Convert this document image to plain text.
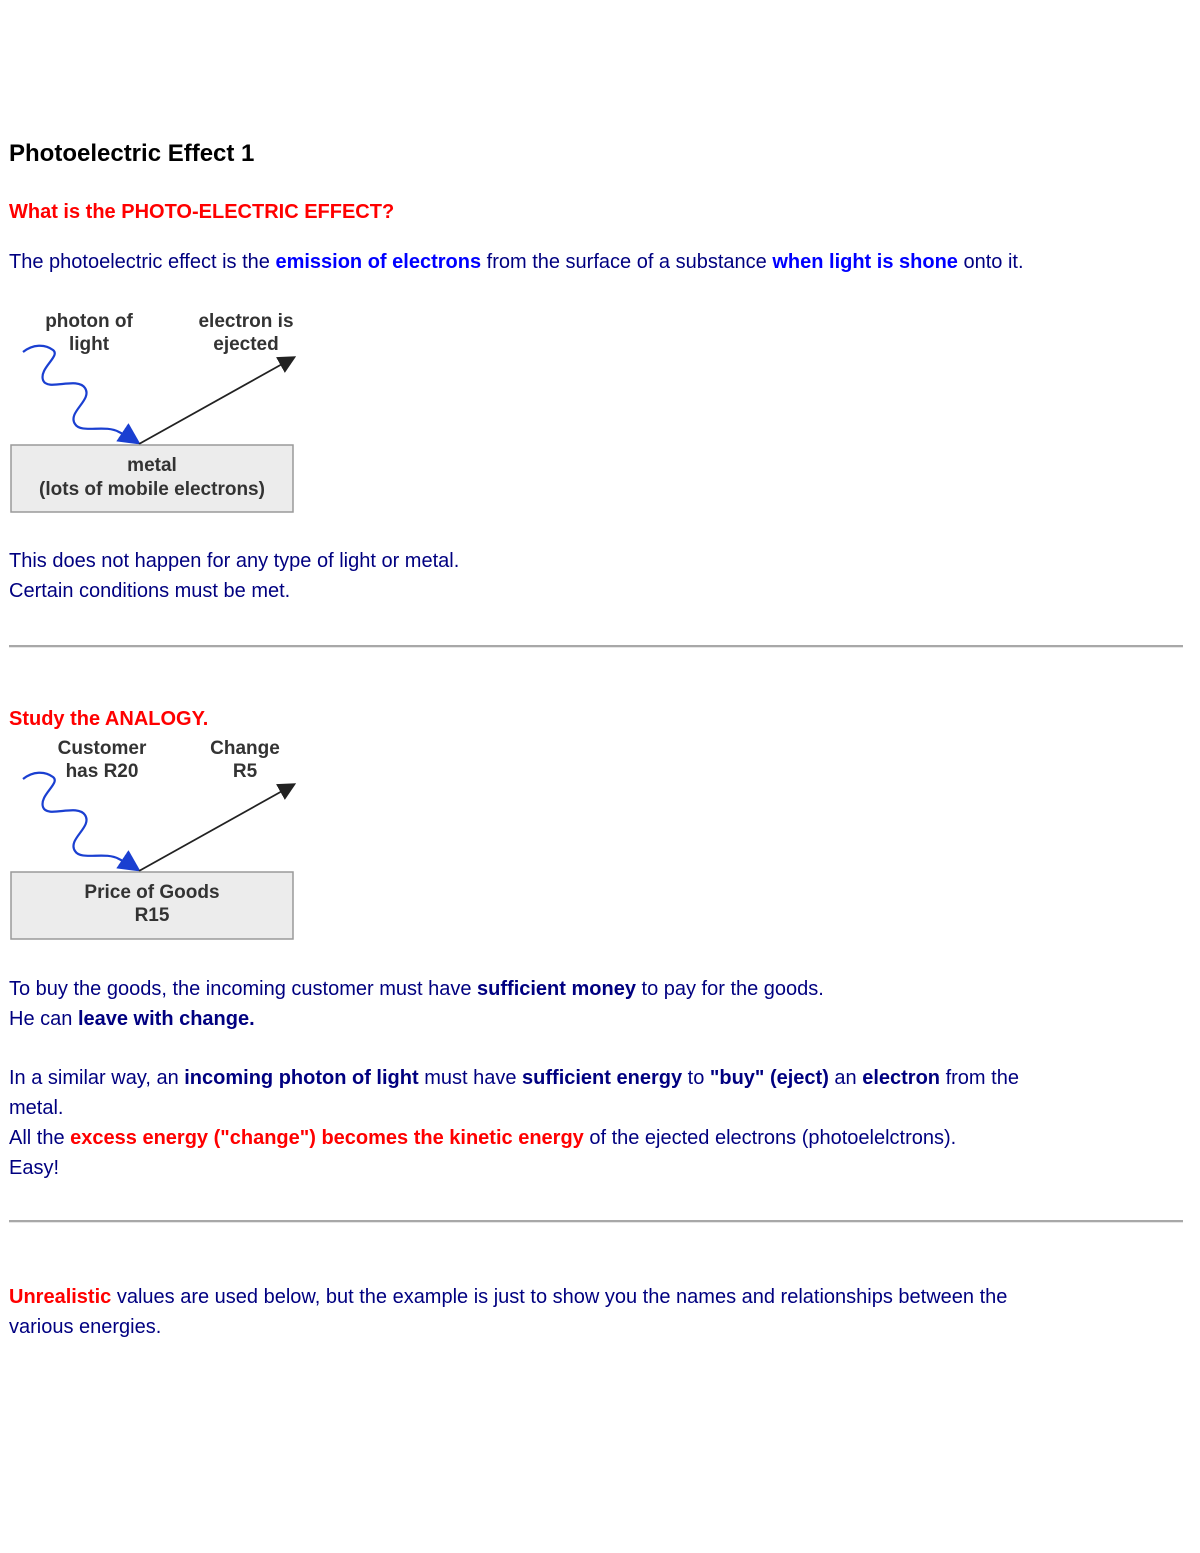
Photoelectric Effect 1
What is the PHOTO-ELECTRIC EFFECT?
The photoelectric effect is the emission of electrons from the surface of a substance when light is shone onto it.
photon of
light
electron is
ejected
metal
(lots of mobile electrons)
This does not happen for any type of light or metal.
Certain conditions must be met.
Study the ANALOGY.
Customer
has R20
Change
R5
Price of Goods
R15
To buy the goods, the incoming customer must have sufficient money to pay for the goods.
He can leave with change.
In a similar way, an incoming photon of light must have sufficient energy to "buy" (eject) an electron from the
metal.
All the excess energy ("change") becomes the kinetic energy of the ejected electrons (photoelelctrons).
Easy!
Unrealistic values are used below, but the example is just to show you the names and relationships between the
various energies.
